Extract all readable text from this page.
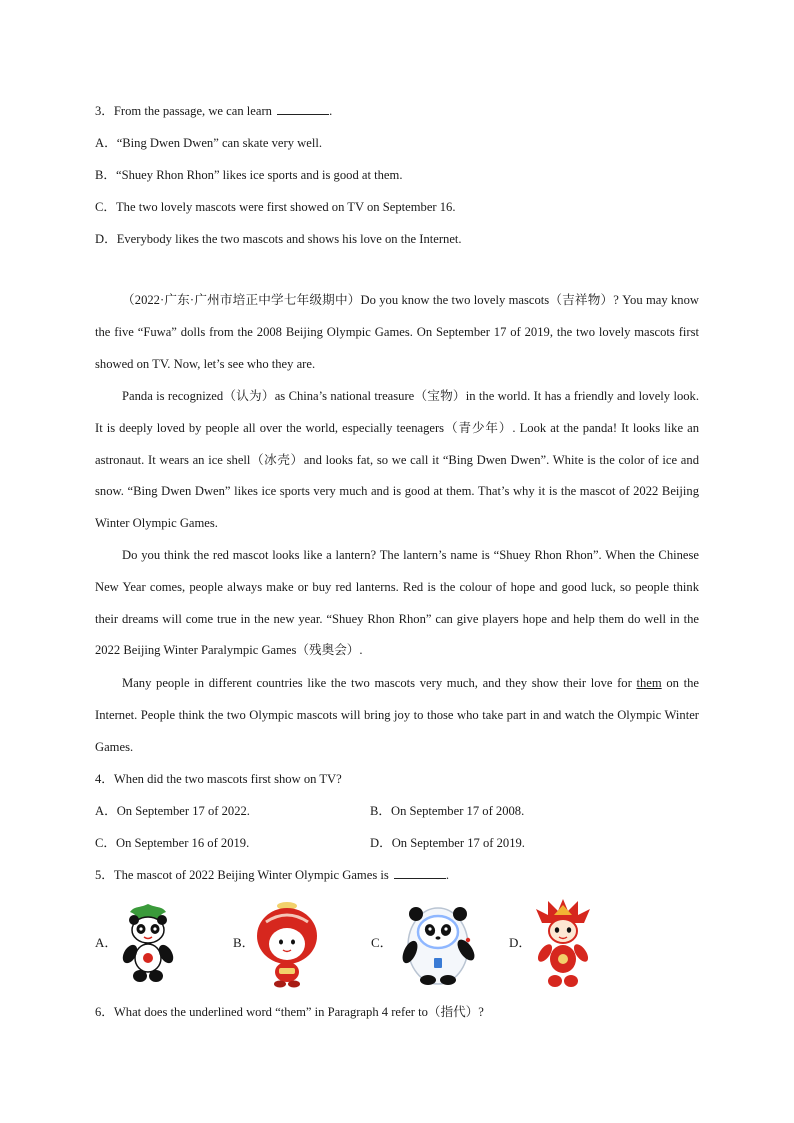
3．From the passage, we can learn	.
A．“Bing Dwen Dwen” can skate very well.
B．“Shuey Rhon Rhon” likes ice sports and is good at them.
C．The two lovely mascots were first showed on TV on September 16.
D．Everybody likes the two mascots and shows his love on the Internet.
（2022·广东·广州市培正中学七年级期中）Do you know the two lovely mascots（吉祥物）? You may know the five “Fuwa” dolls from the 2008 Beijing Olympic Games. On September 17 of 2019, the two lovely mascots first showed on TV. Now, let’s see who they are.
Panda is recognized（认为）as China’s national treasure（宝物）in the world. It has a friendly and lovely look. It is deeply loved by people all over the world, especially teenagers（青少年）. Look at the panda! It looks like an astronaut. It wears an ice shell（冰壳）and looks fat, so we call it “Bing Dwen Dwen”. White is the color of ice and snow. “Bing Dwen Dwen” likes ice sports very much and is good at them. That’s why it is the mascot of 2022 Beijing Winter Olympic Games.
Do you think the red mascot looks like a lantern? The lantern’s name is “Shuey Rhon Rhon”. When the Chinese New Year comes, people always make or buy red lanterns. Red is the colour of hope and good luck, so people think their dreams will come true in the new year. “Shuey Rhon Rhon” can give players hope and help them do well in the 2022 Beijing Winter Paralympic Games（残奥会）.
Many people in different countries like the two mascots very much, and they show their love for them on the Internet. People think the two Olympic mascots will bring joy to those who take part in and watch the Olympic Winter Games.
4．When did the two mascots first show on TV?
A．On September 17 of 2022.	B．On September 17 of 2008.
C．On September 16 of 2019.	D．On September 17 of 2019.
5．The mascot of 2022 Beijing Winter Olympic Games is	.
A．	B．	C．	D．
6．What does the underlined word “them” in Paragraph 4 refer to（指代）?
